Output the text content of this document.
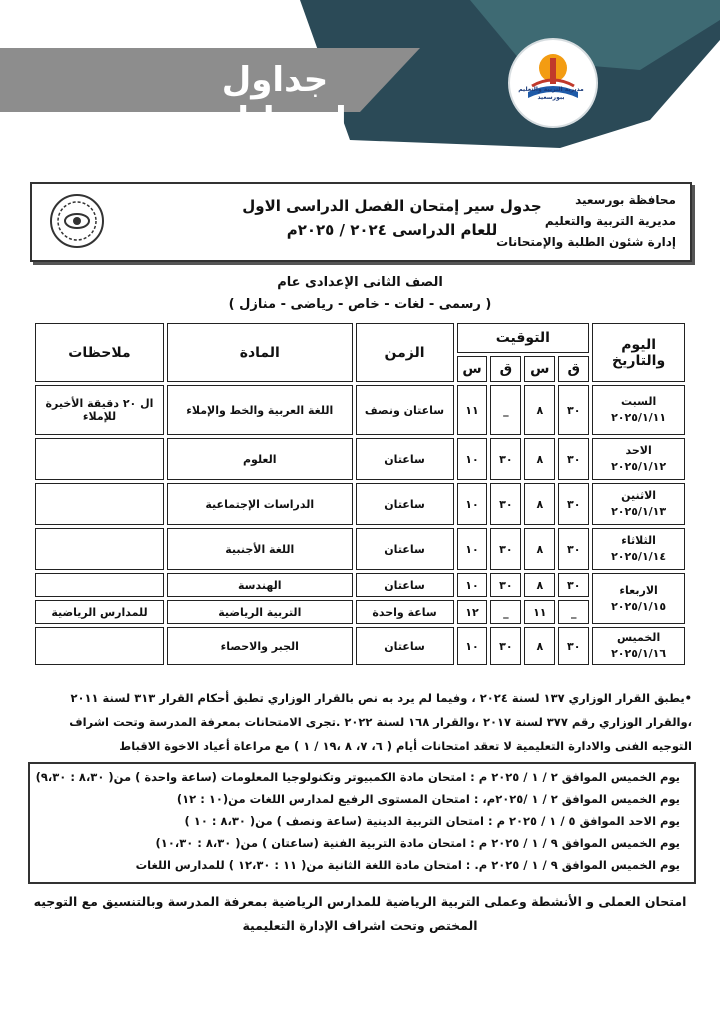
جداول امتحانات
مديرية التربية والتعليم ببورسعيد
محافظة بورسعيد
مديرية التربية والتعليم
إدارة شئون الطلبة والإمتحانات
جدول سير إمتحان الفصل الدراسى الاول
للعام الدراسى ٢٠٢٤ / ٢٠٢٥م
الصف الثانى الإعدادى عام
( رسمى - لغات - خاص - رياضى - منازل )
اليوم والتاريخ	التوقيت				الزمن	المادة	ملاحظات
	ق	س	ق	س			

السبت
٢٠٢٥/١/١١	٣٠	٨	_	١١	ساعتان ونصف	اللغة العربية والخط والإملاء	ال ٢٠ دقيقة الأخيرة للإملاء

الاحد
٢٠٢٥/١/١٢	٣٠	٨	٣٠	١٠	ساعتان	العلوم	

الاثنين
٢٠٢٥/١/١٣	٣٠	٨	٣٠	١٠	ساعتان	الدراسات الإجتماعية	

الثلاثاء
٢٠٢٥/١/١٤	٣٠	٨	٣٠	١٠	ساعتان	اللغة الأجنبية	

الاربعاء
٢٠٢٥/١/١٥	٣٠	٨	٣٠	١٠	ساعتان	الهندسة	
	_	١١	_	١٢	ساعة واحدة	التربية الرياضية	للمدارس الرياضية

الخميس
٢٠٢٥/١/١٦	٣٠	٨	٣٠	١٠	ساعتان	الجبر والاحصاء	
•يطبق القرار الوزاري ١٣٧ لسنة ٢٠٢٤ ، وفيما لم يرد به نص بالقرار الوزاري تطبق أحكام القرار ٣١٣ لسنة ٢٠١١
،والقرار الوزاري رقم ٣٧٧ لسنة ٢٠١٧ ،والقرار ١٦٨ لسنة ٢٠٢٢ .تجرى الامتحانات بمعرفة المدرسة وتحت اشراف
التوجيه الفنى والادارة التعليمية لا تعقد امتحانات أيام ( ٦، ٧، ٨ ،١٩ / ١ ) مع مراعاة أعياد الاخوة الاقباط
يوم الخميس الموافق ٢ / ١ / ٢٠٢٥ م : امتحان مادة الكمبيوتر وتكنولوجيا المعلومات (ساعة واحدة ) من( ٨،٣٠ : ٩،٣٠)
يوم الخميس الموافق ٢ / ١ /٢٠٢٥م، : امتحان المستوى الرفيع لمدارس اللغات من(١٠ : ١٢)
يوم الاحد الموافق ٥ / ١ / ٢٠٢٥ م : امتحان التربية الدينية (ساعة ونصف ) من( ٨،٣٠ : ١٠ )
يوم الخميس الموافق ٩ / ١ / ٢٠٢٥ م : امتحان مادة التربية الفنية (ساعتان ) من( ٨،٣٠ : ١٠،٣٠)
يوم الخميس الموافق ٩ / ١ / ٢٠٢٥ م. : امتحان مادة اللغة الثانية من( ١١ : ١٢،٣٠ ) للمدارس اللغات
امتحان العملى و الأنشطة وعملى التربية الرياضية للمدارس الرياضية بمعرفة المدرسة وبالتنسيق مع التوجيه
المختص وتحت اشراف الإدارة التعليمية
